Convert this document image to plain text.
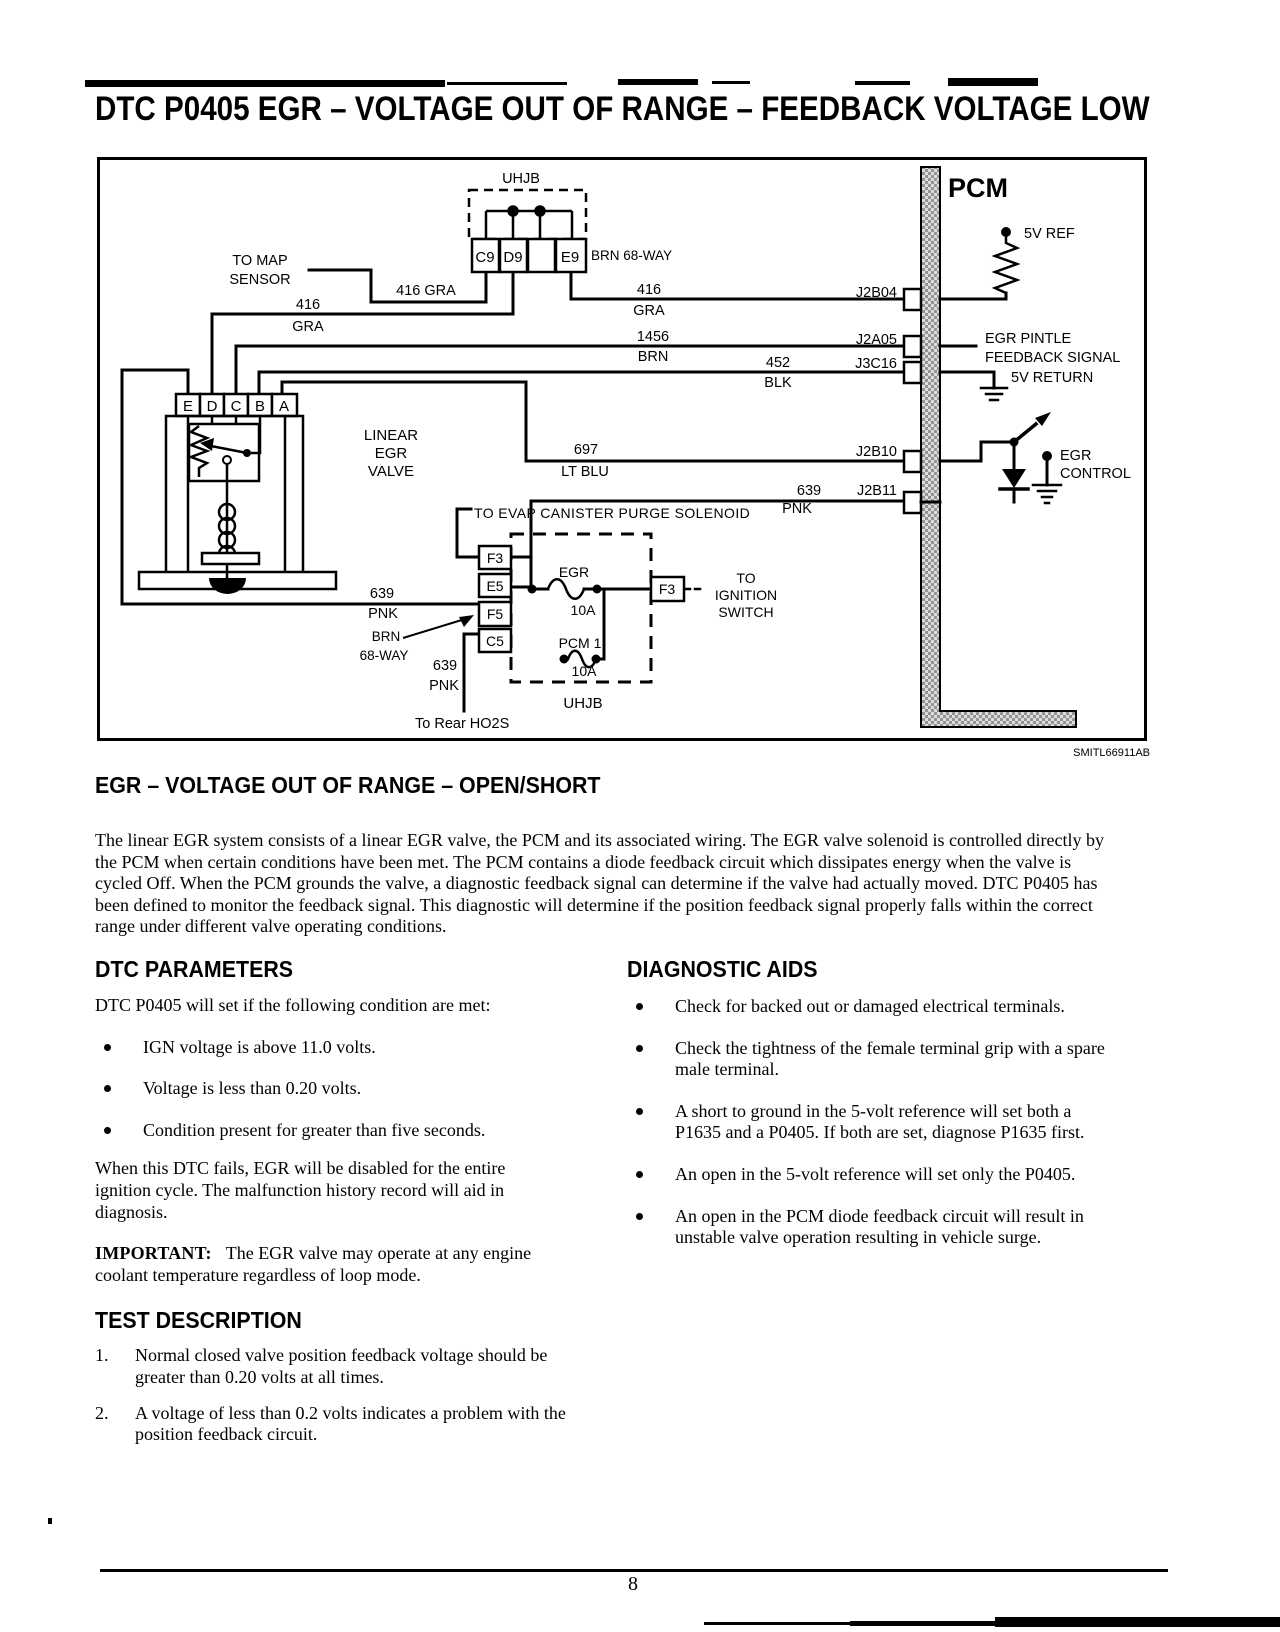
DTC P0405 EGR – VOLTAGE OUT OF RANGE – FEEDBACK VOLTAGE LOW
PCM
UHJB
C9 D9	E9 BRN 68-WAY
TO MAP
SENSOR
416 GRA
416
GRA
416
GRA
1456
BRN	452
BLK
697
LT BLU
639
PNK
J2B04
J2A05
J3C16
J2B10
J2B11
5V REF
EGR PINTLE
FEEDBACK SIGNAL
5V RETURN
EGR
CONTROL
E D C B A
LINEAR
EGR
VALVE
639
PNK
TO EVAP CANISTER PURGE SOLENOID
F3
E5
F5
C5
EGR
10A
PCM 1
10A
F3
TO
IGNITION
SWITCH
UHJB
BRN
68-WAY
639
PNK
To Rear HO2S
SMITL66911AB
EGR – VOLTAGE OUT OF RANGE – OPEN/SHORT

The linear EGR system consists of a linear EGR valve, the PCM and its associated wiring. The EGR valve solenoid is controlled directly by the PCM when certain conditions have been met. The PCM contains a diode feedback circuit which dissipates energy when the valve is cycled Off. When the PCM grounds the valve, a diagnostic feedback signal can determine if the valve had actually moved. DTC P0405 has been defined to monitor the feedback signal. This diagnostic will determine if the position feedback signal properly falls within the correct range under different valve operating conditions.

DTC PARAMETERS

DTC P0405 will set if the following condition are met:

IGN voltage is above 11.0 volts.
Voltage is less than 0.20 volts.
Condition present for greater than five seconds.

When this DTC fails, EGR will be disabled for the entire ignition cycle. The malfunction history record will aid in diagnosis.

IMPORTANT: The EGR valve may operate at any engine coolant temperature regardless of loop mode.

TEST DESCRIPTION
1. Normal closed valve position feedback voltage should be greater than 0.20 volts at all times.
2. A voltage of less than 0.2 volts indicates a problem with the position feedback circuit.
DIAGNOSTIC AIDS
Check for backed out or damaged electrical terminals.
Check the tightness of the female terminal grip with a spare male terminal.
A short to ground in the 5-volt reference will set both a P1635 and a P0405. If both are set, diagnose P1635 first.
An open in the 5-volt reference will set only the P0405.
An open in the PCM diode feedback circuit will result in unstable valve operation resulting in vehicle surge.
8
